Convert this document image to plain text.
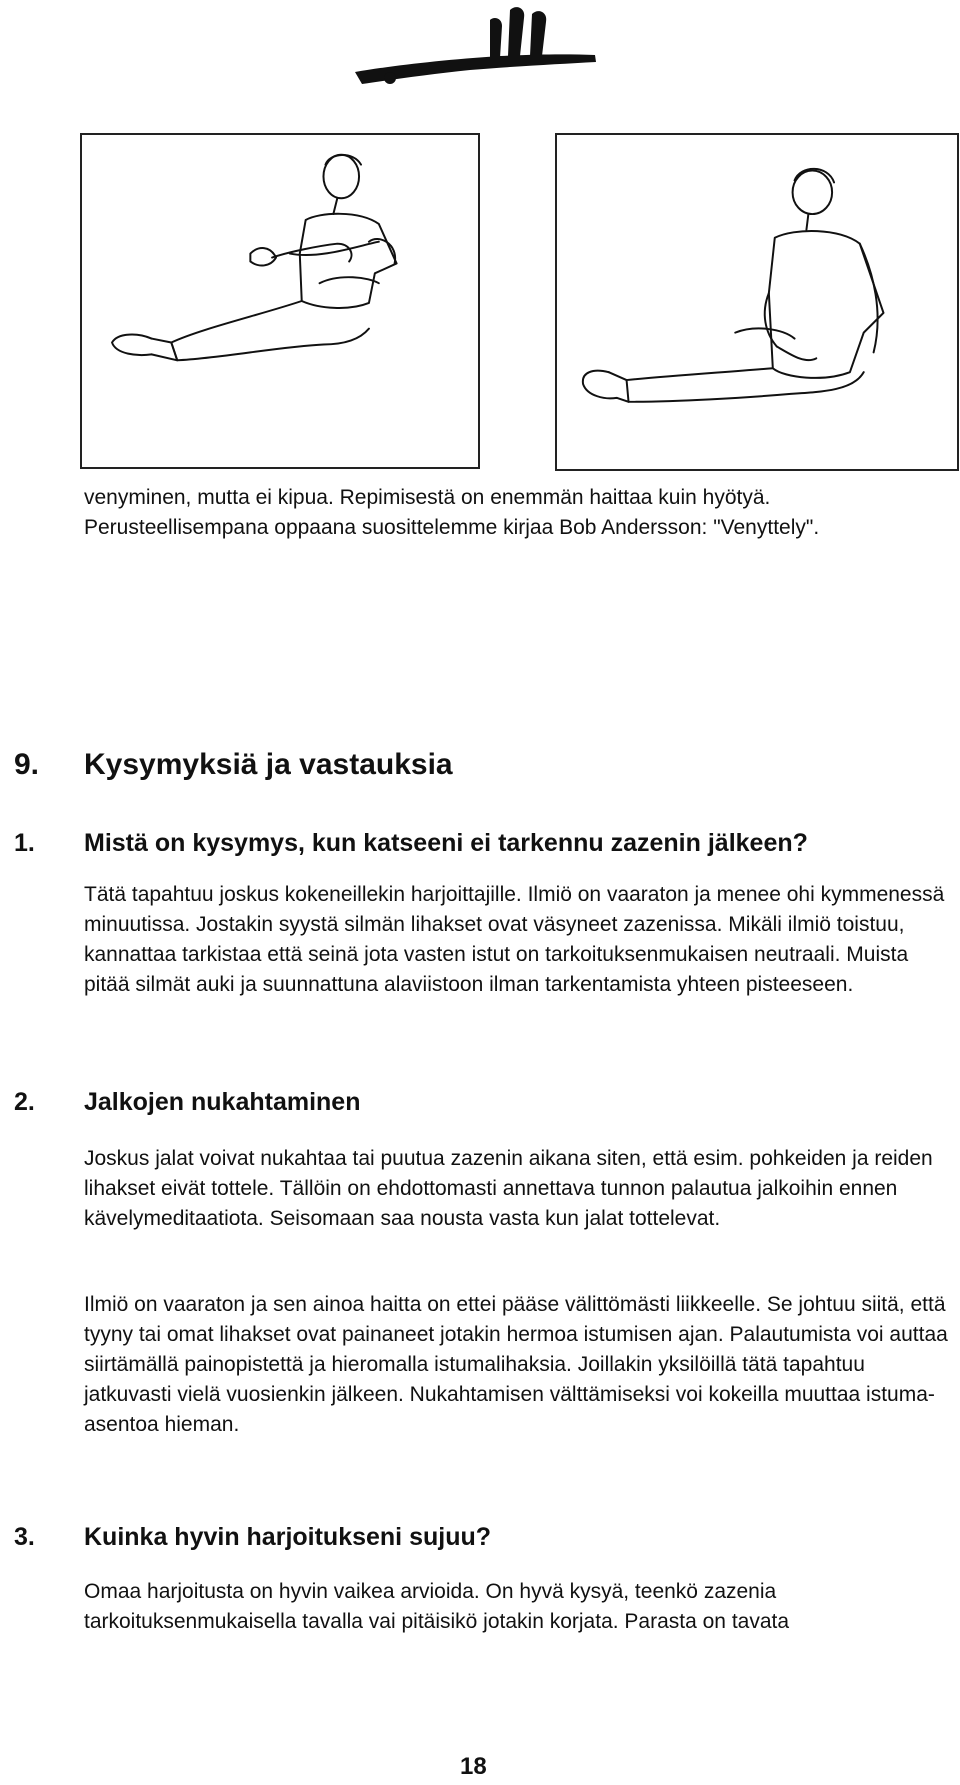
venyminen, mutta ei kipua. Repimisestä on enemmän haittaa kuin hyötyä. Perusteellisempana oppaana suosittelemme kirjaa Bob Andersson: "Venyttely".

9. Kysymyksiä ja vastauksia
1. Mistä on kysymys, kun katseeni ei tarkennu zazenin jälkeen?

Tätä tapahtuu joskus kokeneillekin harjoittajille. Ilmiö on vaaraton ja menee ohi kymmenessä minuutissa. Jostakin syystä silmän lihakset ovat väsyneet zazenissa. Mikäli ilmiö toistuu, kannattaa tarkistaa että seinä jota vasten istut on tarkoituksenmukaisen neutraali. Muista pitää silmät auki ja suunnattuna alaviistoon ilman tarkentamista yhteen pisteeseen.

2. Jalkojen nukahtaminen

Joskus jalat voivat nukahtaa tai puutua zazenin aikana siten, että esim. pohkeiden ja reiden lihakset eivät tottele. Tällöin on ehdottomasti annettava tunnon palautua jalkoihin ennen kävelymeditaatiota. Seisomaan saa nousta vasta kun jalat tottelevat.

Ilmiö on vaaraton ja sen ainoa haitta on ettei pääse välittömästi liikkeelle. Se johtuu siitä, että tyyny tai omat lihakset ovat painaneet jotakin hermoa istumisen ajan. Palautumista voi auttaa siirtämällä painopistettä ja hieromalla istumalihaksia. Joillakin yksilöillä tätä tapahtuu jatkuvasti vielä vuosienkin jälkeen. Nukahtamisen välttämiseksi voi kokeilla muuttaa istuma-asentoa hieman.

3. Kuinka hyvin harjoitukseni sujuu?

Omaa harjoitusta on hyvin vaikea arvioida. On hyvä kysyä, teenkö zazenia tarkoituksenmukaisella tavalla vai pitäisikö jotakin korjata. Parasta on tavata

18
